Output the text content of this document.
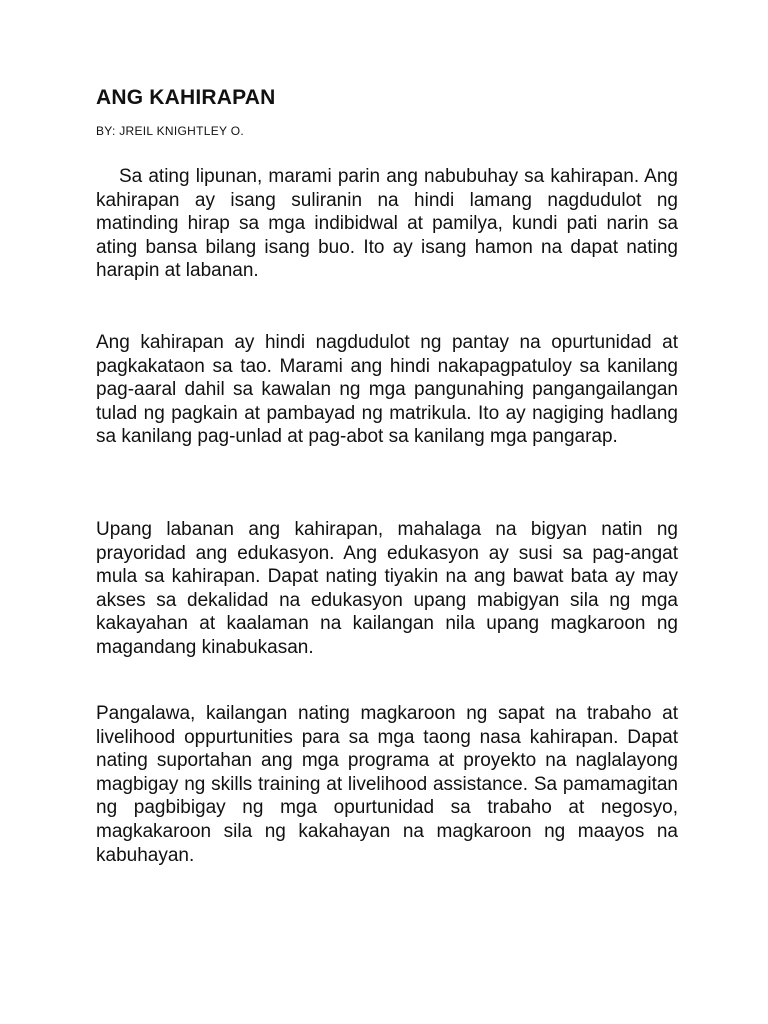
ANG KAHIRAPAN

BY: JREIL KNIGHTLEY O.

Sa ating lipunan, marami parin ang nabubuhay sa kahirapan. Ang kahirapan ay isang suliranin na hindi lamang nagdudulot ng matinding hirap sa mga indibidwal at pamilya, kundi pati narin sa ating bansa bilang isang buo. Ito ay isang hamon na dapat nating harapin at labanan.

Ang kahirapan ay hindi nagdudulot ng pantay na opurtunidad at pagkakataon sa tao. Marami ang hindi nakapagpatuloy sa kanilang pag-aaral dahil sa kawalan ng mga pangunahing pangangailangan tulad ng pagkain at pambayad ng matrikula. Ito ay nagiging hadlang sa kanilang pag-unlad at pag-abot sa kanilang mga pangarap.

Upang labanan ang kahirapan, mahalaga na bigyan natin ng prayoridad ang edukasyon. Ang edukasyon ay susi sa pag-angat mula sa kahirapan. Dapat nating tiyakin na ang bawat bata ay may akses sa dekalidad na edukasyon upang mabigyan sila ng mga kakayahan at kaalaman na kailangan nila upang magkaroon ng magandang kinabukasan.

Pangalawa, kailangan nating magkaroon ng sapat na trabaho at livelihood oppurtunities para sa mga taong nasa kahirapan. Dapat nating suportahan ang mga programa at proyekto na naglalayong magbigay ng skills training at livelihood assistance. Sa pamamagitan ng pagbibigay ng mga opurtunidad sa trabaho at negosyo, magkakaroon sila ng kakahayan na magkaroon ng maayos na kabuhayan.
